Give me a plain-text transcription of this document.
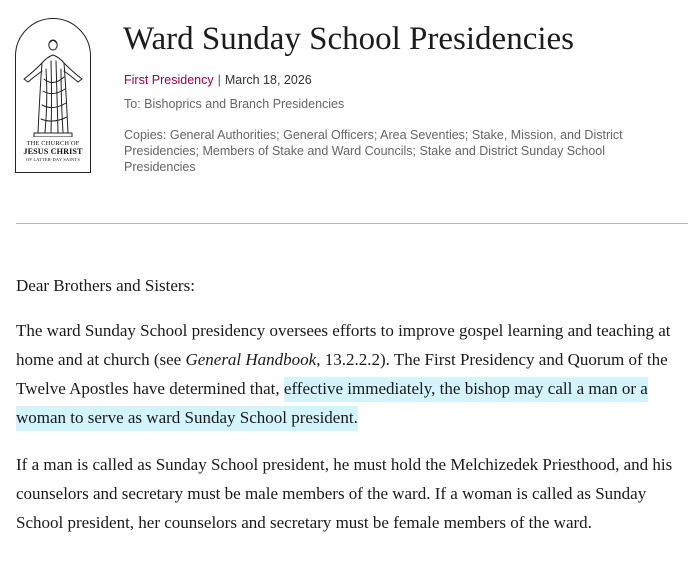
THE CHURCH OF
JESUS CHRIST
OF LATTER-DAY SAINTS
Ward Sunday School Presidencies
First Presidency | March 18, 2026
To: Bishoprics and Branch Presidencies
Copies: General Authorities; General Officers; Area Seventies; Stake, Mission, and District Presidencies; Members of Stake and Ward Councils; Stake and District Sunday School Presidencies

Dear Brothers and Sisters:

The ward Sunday School presidency oversees efforts to improve gospel learning and teaching at home and at church (see General Handbook, 13.2.2.2). The First Presidency and Quorum of the Twelve Apostles have determined that, effective immediately, the bishop may call a man or a woman to serve as ward Sunday School president.

If a man is called as Sunday School president, he must hold the Melchizedek Priesthood, and his counselors and secretary must be male members of the ward. If a woman is called as Sunday School president, her counselors and secretary must be female members of the ward.
